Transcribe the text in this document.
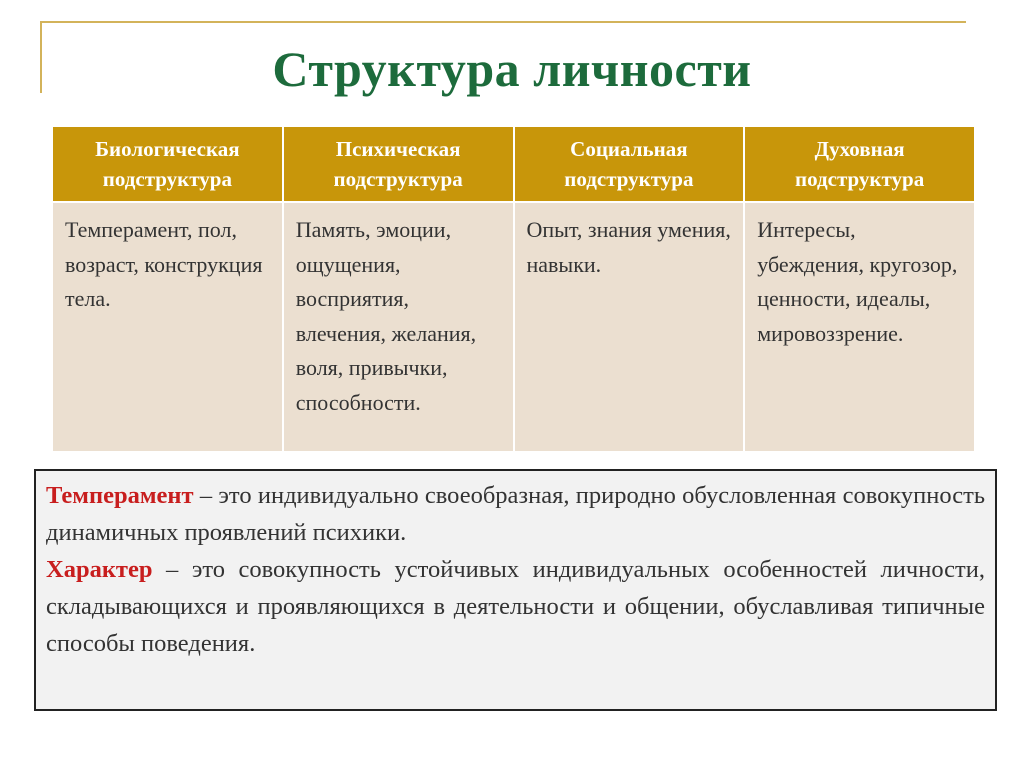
Структура личности
Биологическая подструктура	Психическая подструктура	Социальная подструктура	Духовная подструктура
Темперамент, пол, возраст, конструкция тела.	Память, эмоции, ощущения, восприятия, влечения, желания, воля, привычки, способности.	Опыт, знания умения, навыки.	Интересы, убеждения, кругозор, ценности, идеалы, мировоззрение.

Темперамент – это индивидуально своеобразная, природно обусловленная совокупность динамичных проявлений психики.

Характер – это совокупность устойчивых индивидуальных особенностей личности, складывающихся и проявляющихся в деятельности и общении, обуславливая типичные способы поведения.
